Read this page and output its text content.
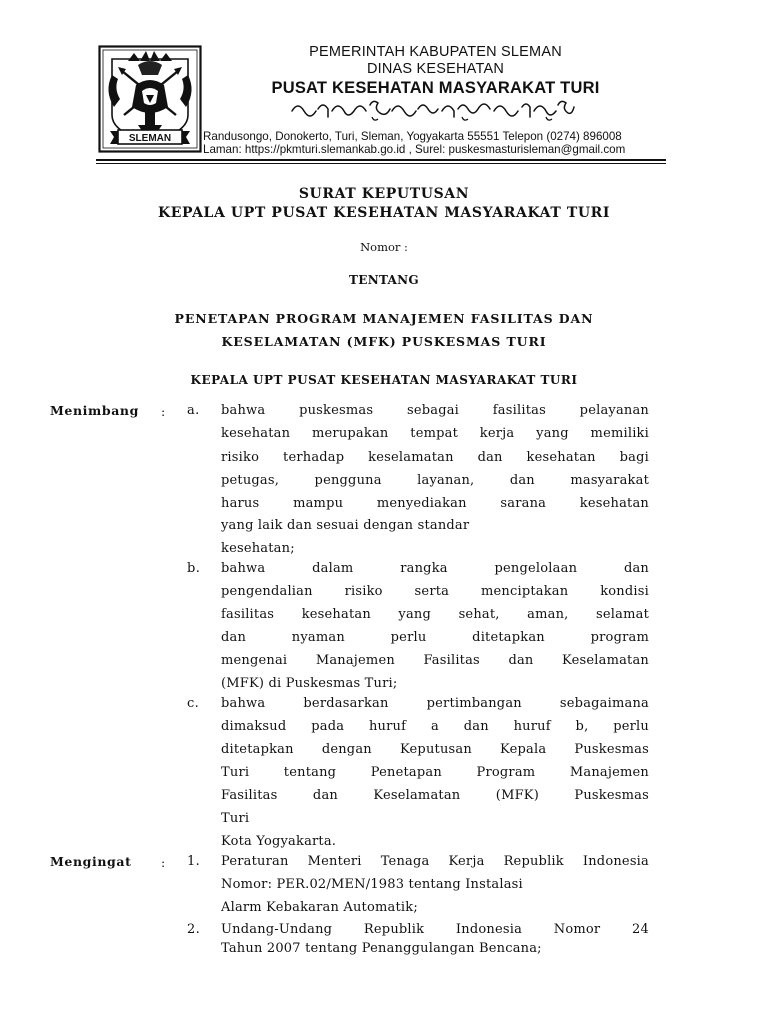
SLEMAN
PEMERINTAH KABUPATEN SLEMAN
DINAS KESEHATAN
PUSAT KESEHATAN MASYARAKAT TURI
Randusongo, Donokerto, Turi, Sleman, Yogyakarta 55551 Telepon (0274) 896008
Laman: https://pkmturi.slemankab.go.id , Surel: puskesmasturisleman@gmail.com
SURAT KEPUTUSAN
KEPALA UPT PUSAT KESEHATAN MASYARAKAT TURI
Nomor :
TENTANG
PENETAPAN PROGRAM MANAJEMEN FASILITAS DAN
KESELAMATAN (MFK) PUSKESMAS TURI
KEPALA UPT PUSAT KESEHATAN MASYARAKAT TURI
Menimbang : a. bahwa puskesmas sebagai fasilitas pelayanan
kesehatan merupakan tempat kerja yang memiliki
risiko terhadap keselamatan dan kesehatan bagi
petugas, pengguna layanan, dan masyarakat
harus mampu menyediakan sarana kesehatan
yang laik dan sesuai dengan standar
kesehatan;
b. bahwa dalam rangka pengelolaan dan
pengendalian risiko serta menciptakan kondisi
fasilitas kesehatan yang sehat, aman, selamat
dan nyaman perlu ditetapkan program
mengenai Manajemen Fasilitas dan Keselamatan
(MFK) di Puskesmas Turi;
c. bahwa berdasarkan pertimbangan sebagaimana
dimaksud pada huruf a dan huruf b, perlu
ditetapkan dengan Keputusan Kepala Puskesmas
Turi tentang Penetapan Program Manajemen
Fasilitas dan Keselamatan (MFK) Puskesmas
Turi
Kota Yogyakarta.
Mengingat : 1. Peraturan Menteri Tenaga Kerja Republik Indonesia
Nomor: PER.02/MEN/1983 tentang Instalasi
Alarm Kebakaran Automatik;
2. Undang-Undang Republik Indonesia Nomor 24
Tahun 2007 tentang Penanggulangan Bencana;
